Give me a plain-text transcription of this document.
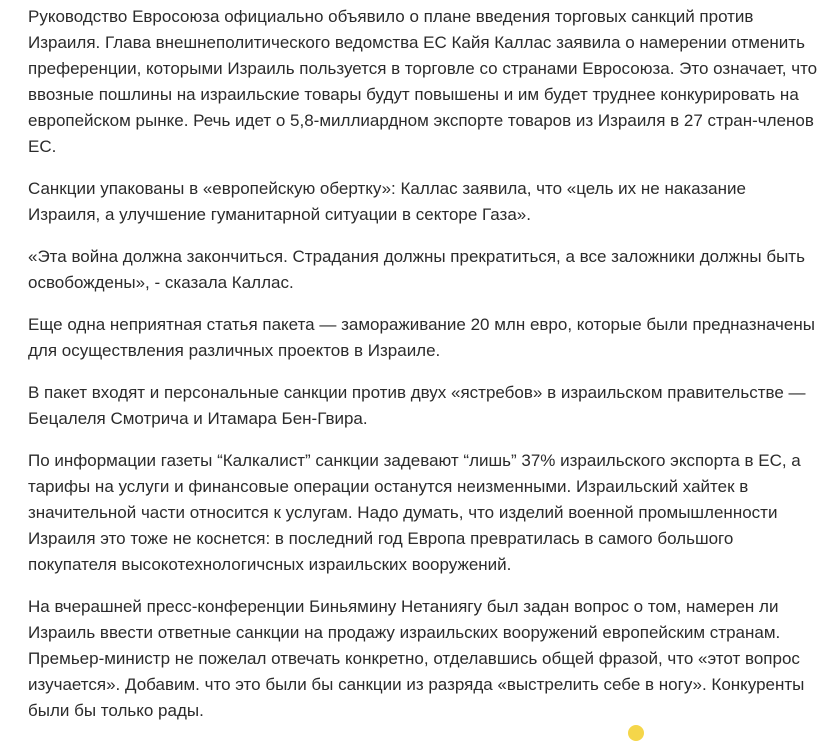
Руководство Евросоюза официально объявило о плане введения торговых санкций против Израиля. Глава внешнеполитического ведомства ЕС Кайя Каллас заявила о намерении отменить преференции, которыми Израиль пользуется в торговле со странами Евросоюза. Это означает, что ввозные пошлины на израильские товары будут повышены и им будет труднее конкурировать на европейском рынке. Речь идет о 5,8-миллиардном экспорте товаров из Израиля в 27 стран-членов ЕС.

Санкции упакованы в «европейскую обертку»: Каллас заявила, что «цель их не наказание Израиля, а улучшение гуманитарной ситуации в секторе Газа».

«Эта война должна закончиться. Страдания должны прекратиться, а все заложники должны быть освобождены», - сказала Каллас.

Еще одна неприятная статья пакета — замораживание 20 млн евро, которые были предназначены для осуществления различных проектов в Израиле.

В пакет входят и персональные санкции против двух «ястребов» в израильском правительстве — Бецалеля Смотрича и Итамара Бен-Гвира.

По информации газеты “Калкалист” санкции задевают “лишь” 37% израильского экспорта в ЕС, а тарифы на услуги и финансовые операции останутся неизменными. Израильский хайтек в значительной части относится к услугам. Надо думать, что изделий военной промышленности Израиля это тоже не коснется: в последний год Европа превратилась в самого большого покупателя высокотехнологичсных израильских вооружений.

На вчерашней пресс-конференции Биньямину Нетаниягу был задан вопрос о том, намерен ли Израиль ввести ответные санкции на продажу израильских вооружений европейским странам. Премьер-министр не пожелал отвечать конкретно, отделавшись общей фразой, что «этот вопрос изучается». Добавим. что это были бы санкции из разряда «выстрелить себе в ногу». Конкуренты были бы только рады.
